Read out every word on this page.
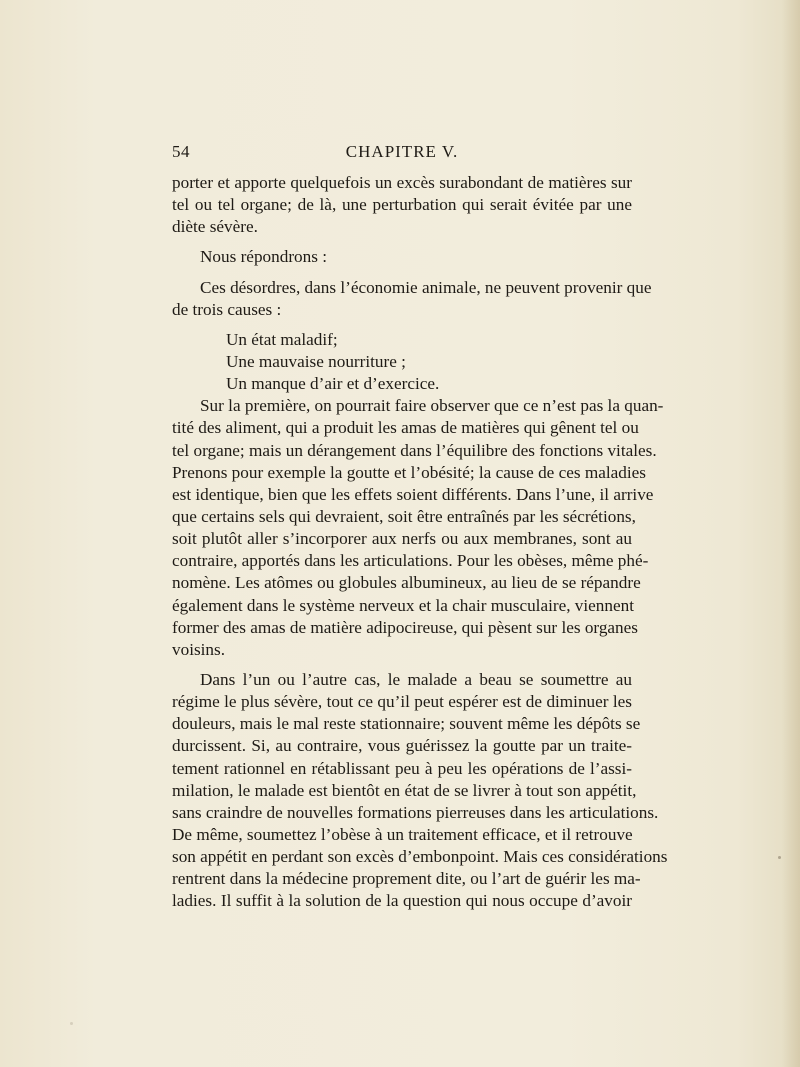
54	CHAPITRE V.
porter et apporte quelquefois un excès surabondant de matières sur
tel ou tel organe; de là, une perturbation qui serait évitée par une
diète sévère.
Nous répondrons :
Ces désordres, dans l’économie animale, ne peuvent provenir que
de trois causes :
Un état maladif;
Une mauvaise nourriture ;
Un manque d’air et d’exercice.
Sur la première, on pourrait faire observer que ce n’est pas la quan-
tité des aliment, qui a produit les amas de matières qui gênent tel ou
tel organe; mais un dérangement dans l’équilibre des fonctions vitales.
Prenons pour exemple la goutte et l’obésité; la cause de ces maladies
est identique, bien que les effets soient différents. Dans l’une, il arrive
que certains sels qui devraient, soit être entraînés par les sécrétions,
soit plutôt aller s’incorporer aux nerfs ou aux membranes, sont au
contraire, apportés dans les articulations. Pour les obèses, même phé-
nomène. Les atômes ou globules albumineux, au lieu de se répandre
également dans le système nerveux et la chair musculaire, viennent
former des amas de matière adipocireuse, qui pèsent sur les organes
voisins.
Dans l’un ou l’autre cas, le malade a beau se soumettre au
régime le plus sévère, tout ce qu’il peut espérer est de diminuer les
douleurs, mais le mal reste stationnaire; souvent même les dépôts se
durcissent. Si, au contraire, vous guérissez la goutte par un traite-
tement rationnel en rétablissant peu à peu les opérations de l’assi-
milation, le malade est bientôt en état de se livrer à tout son appétit,
sans craindre de nouvelles formations pierreuses dans les articulations.
De même, soumettez l’obèse à un traitement efficace, et il retrouve
son appétit en perdant son excès d’embonpoint. Mais ces considérations
rentrent dans la médecine proprement dite, ou l’art de guérir les ma-
ladies. Il suffit à la solution de la question qui nous occupe d’avoir
